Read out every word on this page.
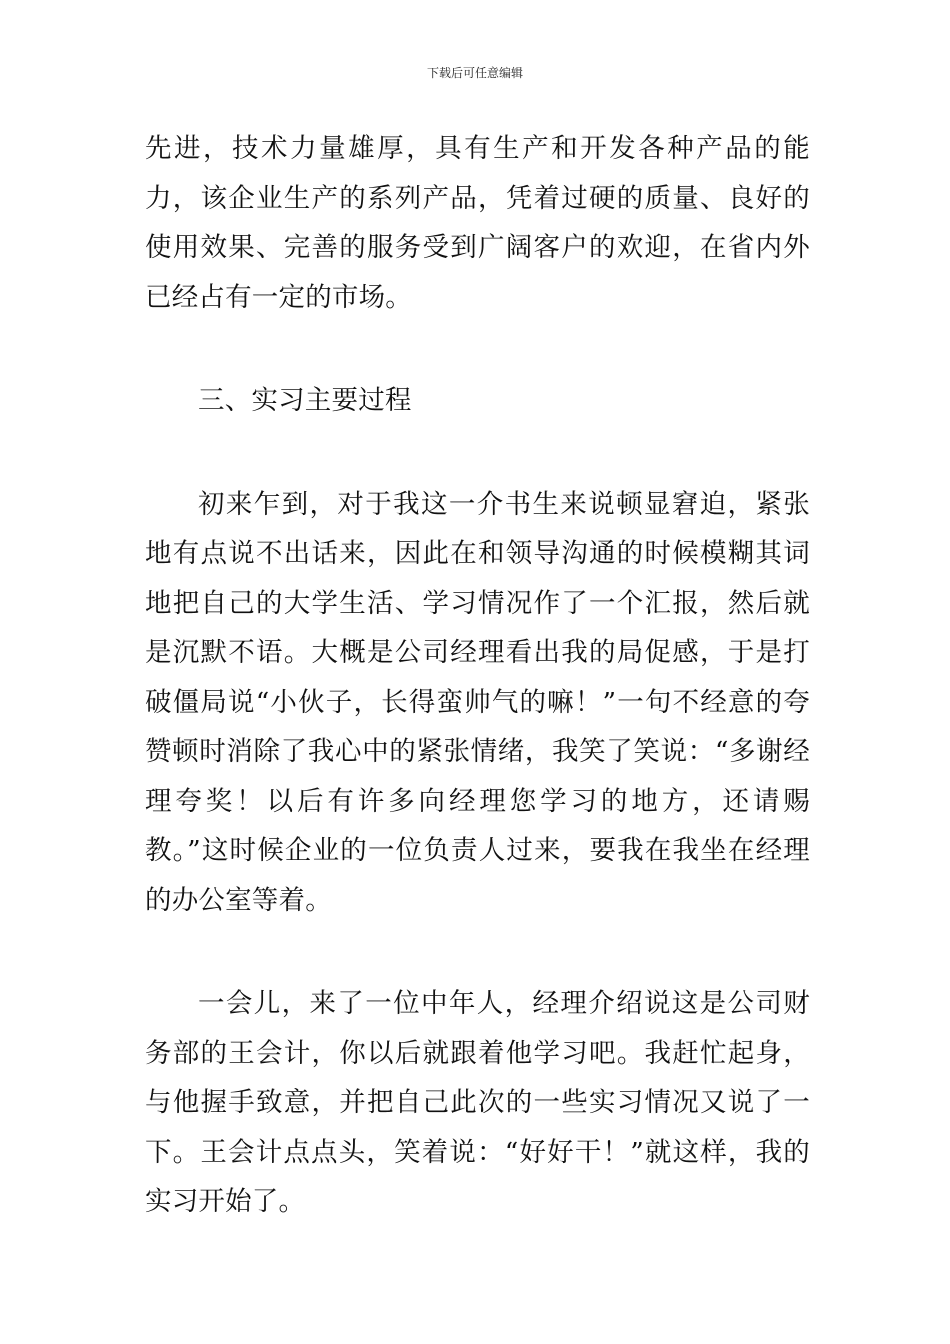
下载后可任意编辑

先进，技术力量雄厚，具有生产和开发各种产品的能力，该企业生产的系列产品，凭着过硬的质量、良好的使用效果、完善的服务受到广阔客户的欢迎，在省内外已经占有一定的市场。

三、实习主要过程

初来乍到，对于我这一介书生来说顿显窘迫，紧张地有点说不出话来，因此在和领导沟通的时候模糊其词地把自己的大学生活、学习情况作了一个汇报，然后就是沉默不语。大概是公司经理看出我的局促感，于是打破僵局说“小伙子，长得蛮帅气的嘛！”一句不经意的夸赞顿时消除了我心中的紧张情绪，我笑了笑说：“多谢经理夸奖！以后有许多向经理您学习的地方，还请赐教。”这时候企业的一位负责人过来，要我在我坐在经理的办公室等着。

一会儿，来了一位中年人，经理介绍说这是公司财务部的王会计，你以后就跟着他学习吧。我赶忙起身，与他握手致意，并把自己此次的一些实习情况又说了一下。王会计点点头，笑着说：“好好干！”就这样，我的实习开始了。
